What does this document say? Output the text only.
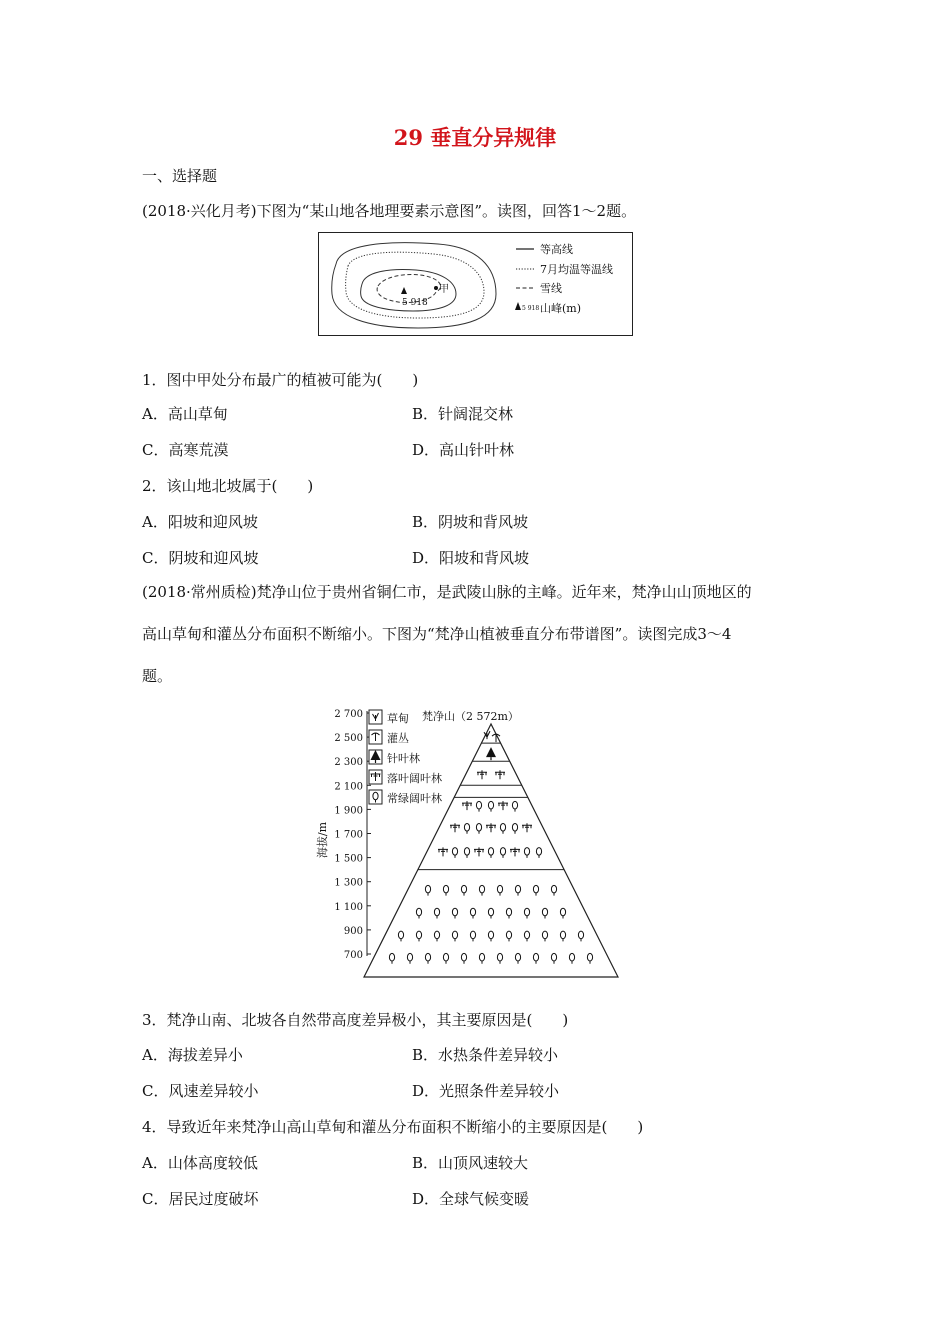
29 垂直分异规律
一、选择题
(2018·兴化月考)下图为“某山地各地理要素示意图”。读图，回答1～2题。
5 918
甲
等高线
7月均温等温线
雪线
5 918 山峰(m)
1．图中甲处分布最广的植被可能为(　　)
A．高山草甸	B．针阔混交林
C．高寒荒漠	D．高山针叶林
2．该山地北坡属于(　　)
A．阳坡和迎风坡	B．阴坡和背风坡
C．阴坡和迎风坡	D．阳坡和背风坡
(2018·常州质检)梵净山位于贵州省铜仁市，是武陵山脉的主峰。近年来，梵净山山顶地区的
高山草甸和灌丛分布面积不断缩小。下图为“梵净山植被垂直分布带谱图”。读图完成3～4
题。
2 700
2 500
2 300
2 100
1 900
1 700
1 500
1 300
1 100
900
700
海拔/m
草甸
灌丛
针叶林
落叶阔叶林
常绿阔叶林
梵净山（2 572m）
3．梵净山南、北坡各自然带高度差异极小，其主要原因是(　　)
A．海拔差异小	B．水热条件差异较小
C．风速差异较小	D．光照条件差异较小
4．导致近年来梵净山高山草甸和灌丛分布面积不断缩小的主要原因是(　　)
A．山体高度较低	B．山顶风速较大
C．居民过度破坏	D．全球气候变暖
